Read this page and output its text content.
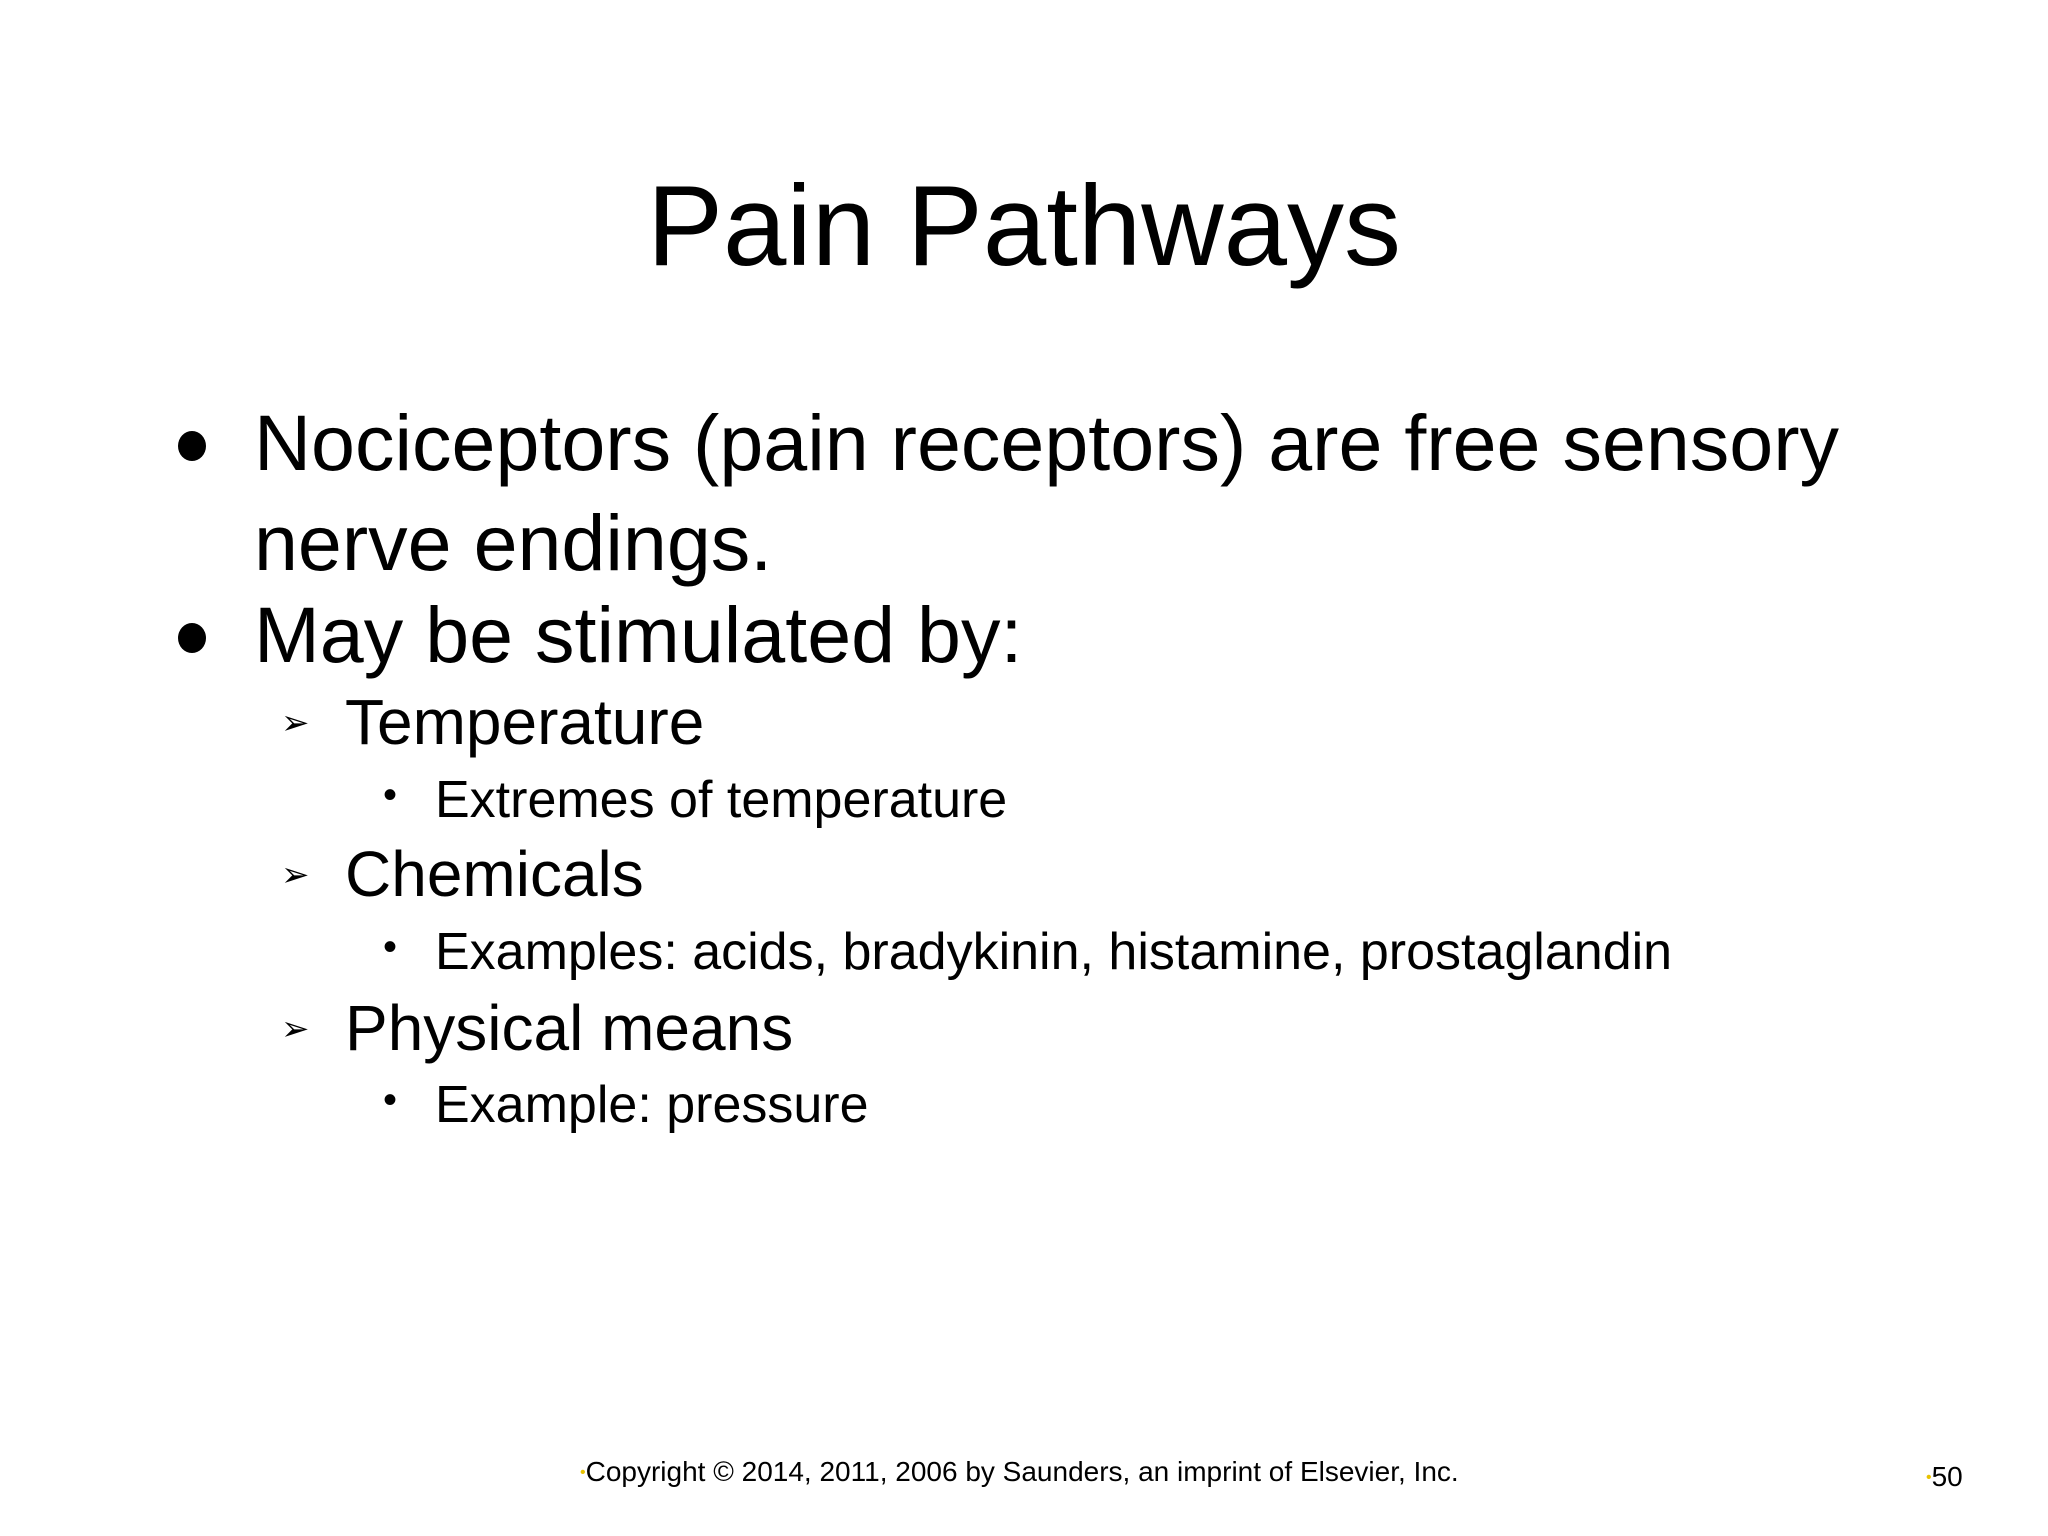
Pain Pathways
Nociceptors (pain receptors) are free sensory nerve endings.
May be stimulated by:
➢ Temperature
• Extremes of temperature
➢ Chemicals
• Examples: acids, bradykinin, histamine, prostaglandin
➢ Physical means
• Example: pressure
•Copyright © 2014, 2011, 2006 by Saunders, an imprint of Elsevier, Inc.	•50
